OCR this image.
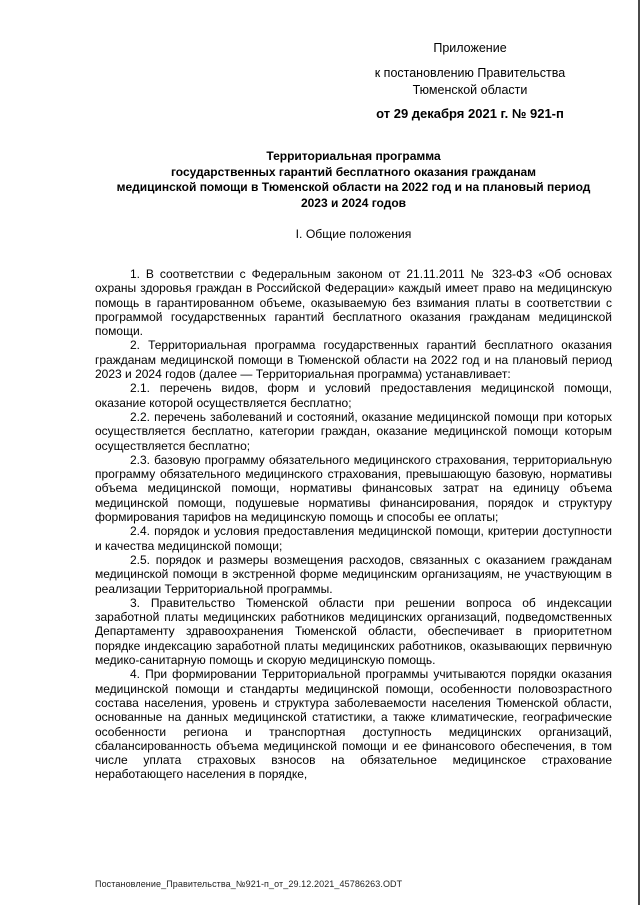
Приложение
к постановлению Правительства
Тюменской области
от 29 декабря 2021 г. № 921-п
Территориальная программа
государственных гарантий бесплатного оказания гражданам
медицинской помощи в Тюменской области на 2022 год и на плановый период
2023 и 2024 годов
I. Общие положения

1. В соответствии с Федеральным законом от 21.11.2011 № 323-ФЗ «Об основах охраны здоровья граждан в Российской Федерации» каждый имеет право на медицинскую помощь в гарантированном объеме, оказываемую без взимания платы в соответствии с программой государственных гарантий бесплатного оказания гражданам медицинской помощи.

2. Территориальная программа государственных гарантий бесплатного оказания гражданам медицинской помощи в Тюменской области на 2022 год и на плановый период 2023 и 2024 годов (далее — Территориальная программа) устанавливает:

2.1. перечень видов, форм и условий предоставления медицинской помощи, оказание которой осуществляется бесплатно;

2.2. перечень заболеваний и состояний, оказание медицинской помощи при которых осуществляется бесплатно, категории граждан, оказание медицинской помощи которым осуществляется бесплатно;

2.3. базовую программу обязательного медицинского страхования, территориальную программу обязательного медицинского страхования, превышающую базовую, нормативы объема медицинской помощи, нормативы финансовых затрат на единицу объема медицинской помощи, подушевые нормативы финансирования, порядок и структуру формирования тарифов на медицинскую помощь и способы ее оплаты;

2.4. порядок и условия предоставления медицинской помощи, критерии доступности и качества медицинской помощи;

2.5. порядок и размеры возмещения расходов, связанных с оказанием гражданам медицинской помощи в экстренной форме медицинским организациям, не участвующим в реализации Территориальной программы.

3. Правительство Тюменской области при решении вопроса об индексации заработной платы медицинских работников медицинских организаций, подведомственных Департаменту здравоохранения Тюменской области, обеспечивает в приоритетном порядке индексацию заработной платы медицинских работников, оказывающих первичную медико-санитарную помощь и скорую медицинскую помощь.

4. При формировании Территориальной программы учитываются порядки оказания медицинской помощи и стандарты медицинской помощи, особенности половозрастного состава населения, уровень и структура заболеваемости населения Тюменской области, основанные на данных медицинской статистики, а также климатические, географические особенности региона и транспортная доступность медицинских организаций, сбалансированность объема медицинской помощи и ее финансового обеспечения, в том числе уплата страховых взносов на обязательное медицинское страхование неработающего населения в порядке,

Постановление_Правительства_№921-п_от_29.12.2021_45786263.ODT
